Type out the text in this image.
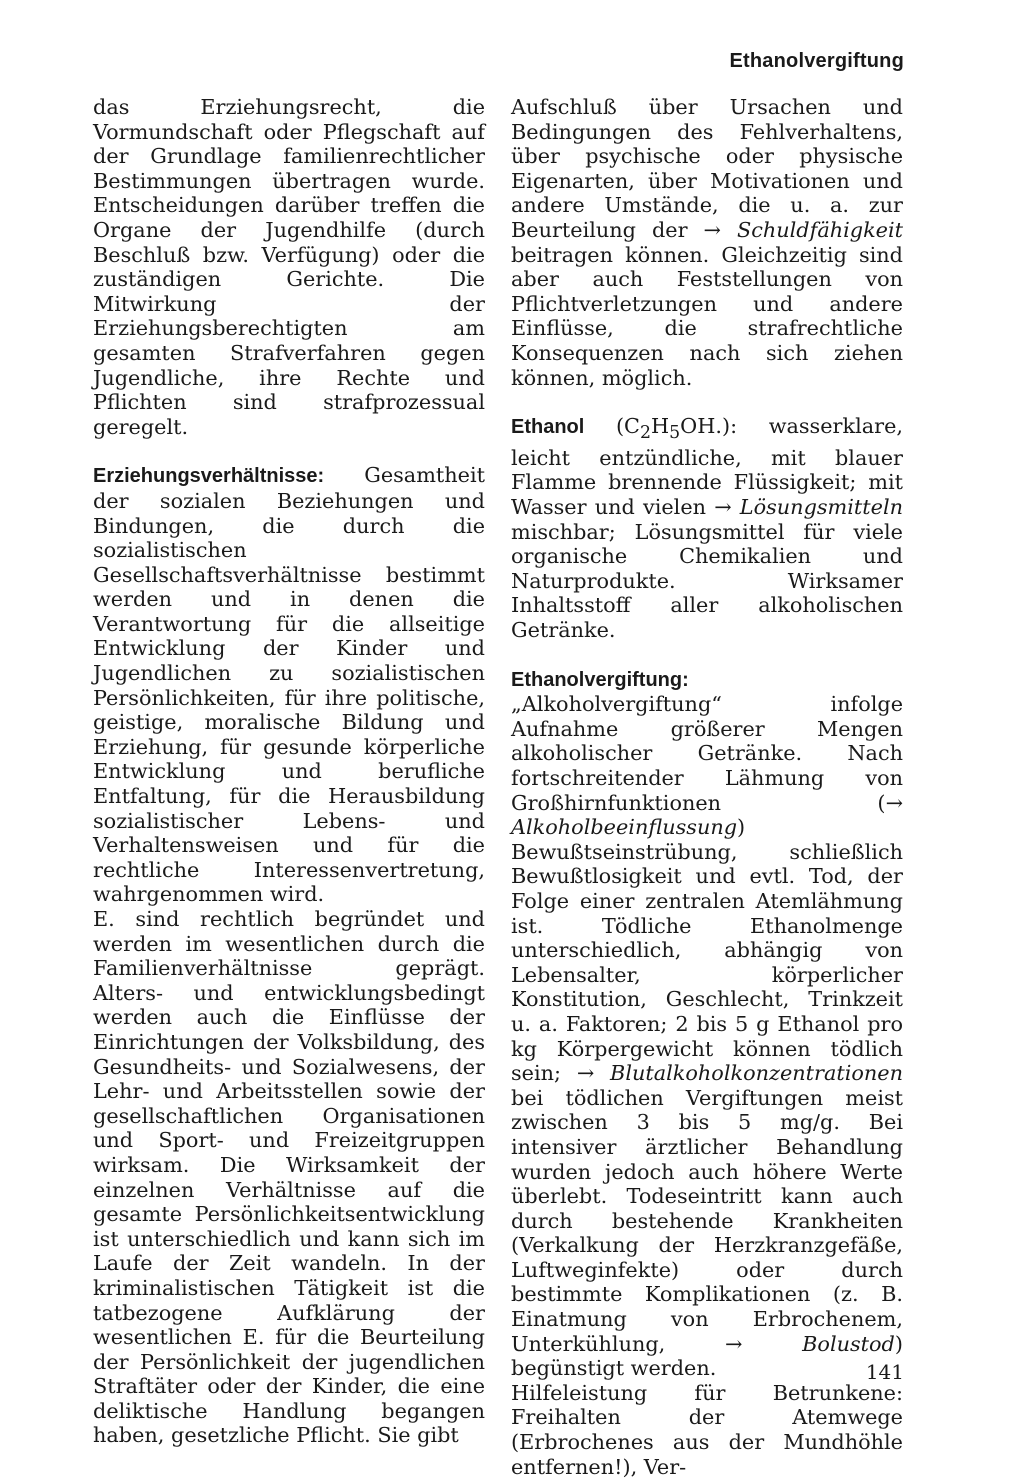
Ethanolvergiftung

das Erziehungsrecht, die Vormundschaft oder Pflegschaft auf der Grundlage familienrechtlicher Bestimmungen übertragen wurde. Entscheidungen darüber treffen die Organe der Jugendhilfe (durch Beschluß bzw. Verfügung) oder die zuständigen Gerichte. Die Mitwirkung der Erziehungsberechtigten am gesamten Strafverfahren gegen Jugendliche, ihre Rechte und Pflichten sind strafprozessual geregelt.

Erziehungsverhältnisse: Gesamtheit der sozialen Beziehungen und Bindungen, die durch die sozialistischen Gesellschaftsverhältnisse bestimmt werden und in denen die Verantwortung für die allseitige Entwicklung der Kinder und Jugendlichen zu sozialistischen Persönlichkeiten, für ihre politische, geistige, moralische Bildung und Erziehung, für gesunde körperliche Entwicklung und berufliche Entfaltung, für die Herausbildung sozialistischer Lebens- und Verhaltensweisen und für die rechtliche Interessenvertretung, wahrgenommen wird.

E. sind rechtlich begründet und werden im wesentlichen durch die Familienverhältnisse geprägt. Alters- und entwicklungsbedingt werden auch die Einflüsse der Einrichtungen der Volksbildung, des Gesundheits- und Sozialwesens, der Lehr- und Arbeitsstellen sowie der gesellschaftlichen Organisationen und Sport- und Freizeitgruppen wirksam. Die Wirksamkeit der einzelnen Verhältnisse auf die gesamte Persönlichkeitsentwicklung ist unterschiedlich und kann sich im Laufe der Zeit wandeln. In der kriminalistischen Tätigkeit ist die tatbezogene Aufklärung der wesentlichen E. für die Beurteilung der Persönlichkeit der jugendlichen Straftäter oder der Kinder, die eine deliktische Handlung begangen haben, gesetzliche Pflicht. Sie gibt

Aufschluß über Ursachen und Bedingungen des Fehlverhaltens, über psychische oder physische Eigenarten, über Motivationen und andere Umstände, die u. a. zur Beurteilung der → Schuldfähigkeit beitragen können. Gleichzeitig sind aber auch Feststellungen von Pflichtverletzungen und andere Einflüsse, die strafrechtliche Konsequenzen nach sich ziehen können, möglich.

Ethanol $(C_2H_5OH.)$: wasserklare, leicht entzündliche, mit blauer Flamme brennende Flüssigkeit; mit Wasser und vielen → Lösungsmitteln mischbar; Lösungsmittel für viele organische Chemikalien und Naturprodukte. Wirksamer Inhaltsstoff aller alkoholischen Getränke.

Ethanolvergiftung: „Alkoholvergiftung“ infolge Aufnahme größerer Mengen alkoholischer Getränke. Nach fortschreitender Lähmung von Großhirnfunktionen (→ Alkoholbeeinflussung) Bewußtseinstrübung, schließlich Bewußtlosigkeit und evtl. Tod, der Folge einer zentralen Atemlähmung ist. Tödliche Ethanolmenge unterschiedlich, abhängig von Lebensalter, körperlicher Konstitution, Geschlecht, Trinkzeit u. a. Faktoren; 2 bis 5 g Ethanol pro kg Körpergewicht können tödlich sein; → Blutalkoholkonzentrationen bei tödlichen Vergiftungen meist zwischen 3 bis 5 mg/g. Bei intensiver ärztlicher Behandlung wurden jedoch auch höhere Werte überlebt. Todeseintritt kann auch durch bestehende Krankheiten (Verkalkung der Herzkranzgefäße, Luftweginfekte) oder durch bestimmte Komplikationen (z. B. Einatmung von Erbrochenem, Unterkühlung, → Bolustod) begünstigt werden.

Hilfeleistung für Betrunkene: Freihalten der Atemwege (Erbrochenes aus der Mundhöhle entfernen!), Ver-

141
